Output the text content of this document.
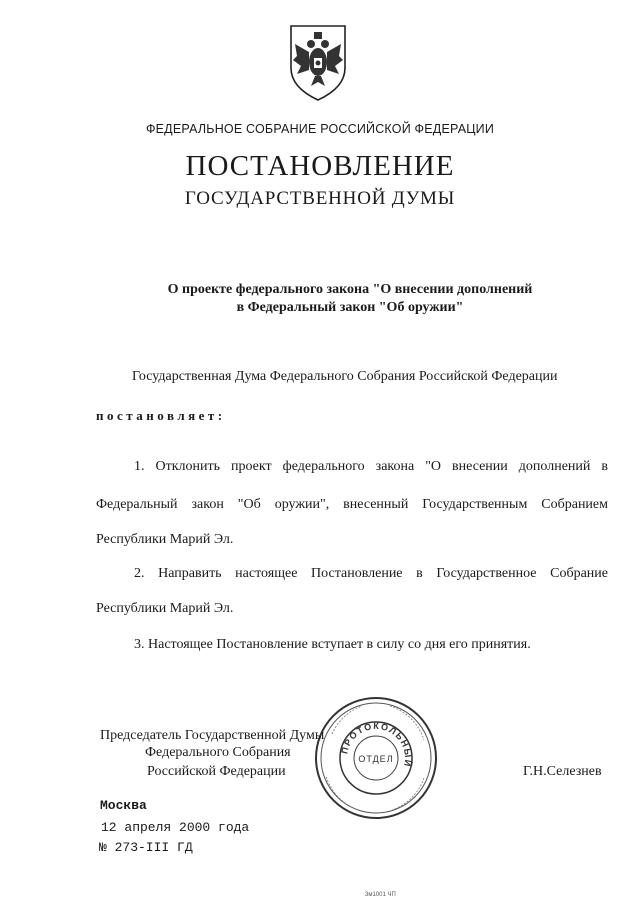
ФЕДЕРАЛЬНОЕ СОБРАНИЕ РОССИЙСКОЙ ФЕДЕРАЦИИ
ПОСТАНОВЛЕНИЕ
ГОСУДАРСТВЕННОЙ ДУМЫ
О проекте федерального закона "О внесении дополнений
в Федеральный закон "Об оружии"
Государственная Дума Федерального Собрания Российской Федерации
постановляет:
1. Отклонить проект федерального закона "О внесении дополнений в
Федеральный закон "Об оружии", внесенный Государственным Собранием
Республики Марий Эл.
2. Направить настоящее Постановление в Государственное Собрание
Республики Марий Эл.
3. Настоящее Постановление вступает в силу со дня его принятия.
ПРОТОКОЛЬНЫЙ
ОТДЕЛ
Председатель Государственной Думы
Федерального Собрания
Российской Федерации	Г.Н.Селезнев
Москва
12 апреля 2000 года
№ 273-III ГД
3м1001 ЧП
